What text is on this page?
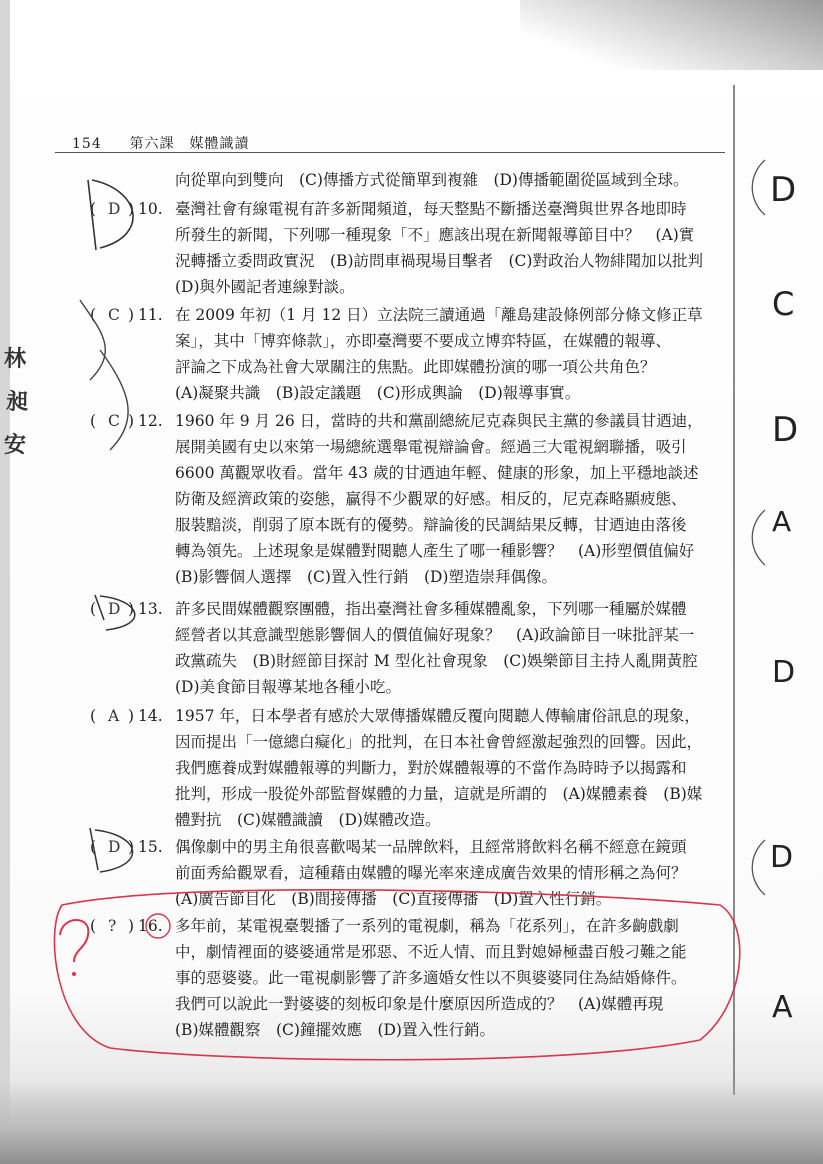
154 第六課　媒體識讀
向從單向到雙向　(C)傳播方式從簡單到複雜　(D)傳播範圍從區域到全球。
( D ) 10. 臺灣社會有線電視有許多新聞頻道，每天整點不斷播送臺灣與世界各地即時
所發生的新聞，下列哪一種現象「不」應該出現在新聞報導節目中？　(A)實
況轉播立委問政實況　(B)訪問車禍現場目擊者　(C)對政治人物緋聞加以批判
(D)與外國記者連線對談。
( C ) 11. 在 2009 年初（1 月 12 日）立法院三讀通過「離島建設條例部分條文修正草
案」，其中「博弈條款」，亦即臺灣要不要成立博弈特區，在媒體的報導、
評論之下成為社會大眾關注的焦點。此即媒體扮演的哪一項公共角色？
(A)凝聚共識　(B)設定議題　(C)形成輿論　(D)報導事實。
( C ) 12. 1960 年 9 月 26 日，當時的共和黨副總統尼克森與民主黨的參議員甘迺迪，
展開美國有史以來第一場總統選舉電視辯論會。經過三大電視網聯播，吸引
6600 萬觀眾收看。當年 43 歲的甘迺迪年輕、健康的形象，加上平穩地談述
防衛及經濟政策的姿態，贏得不少觀眾的好感。相反的，尼克森略顯疲態、
服裝黯淡，削弱了原本既有的優勢。辯論後的民調結果反轉，甘迺迪由落後
轉為領先。上述現象是媒體對閱聽人產生了哪一種影響？　(A)形塑價值偏好
(B)影響個人選擇　(C)置入性行銷　(D)塑造崇拜偶像。
( D ) 13. 許多民間媒體觀察團體，指出臺灣社會多種媒體亂象，下列哪一種屬於媒體
經營者以其意識型態影響個人的價值偏好現象？　(A)政論節目一味批評某一
政黨疏失　(B)財經節目探討 M 型化社會現象　(C)娛樂節目主持人亂開黃腔
(D)美食節目報導某地各種小吃。
( A ) 14. 1957 年，日本學者有感於大眾傳播媒體反覆向閱聽人傳輸庸俗訊息的現象，
因而提出「一億總白癡化」的批判，在日本社會曾經激起強烈的回響。因此，
我們應養成對媒體報導的判斷力，對於媒體報導的不當作為時時予以揭露和
批判，形成一股從外部監督媒體的力量，這就是所謂的　(A)媒體素養　(B)媒
體對抗　(C)媒體識讀　(D)媒體改造。
( D ) 15. 偶像劇中的男主角很喜歡喝某一品牌飲料，且經常將飲料名稱不經意在鏡頭
前面秀給觀眾看，這種藉由媒體的曝光率來達成廣告效果的情形稱之為何？
(A)廣告節目化　(B)間接傳播　(C)直接傳播　(D)置入性行銷。
( ? ) 16. 多年前，某電視臺製播了一系列的電視劇，稱為「花系列」，在許多齣戲劇
中，劇情裡面的婆婆通常是邪惡、不近人情、而且對媳婦極盡百般刁難之能
事的惡婆婆。此一電視劇影響了許多適婚女性以不與婆婆同住為結婚條件。
我們可以說此一對婆婆的刻板印象是什麼原因所造成的？　(A)媒體再現
(B)媒體觀察　(C)鐘擺效應　(D)置入性行銷。
林
昶
安
D
C
D
A
D
D
A
